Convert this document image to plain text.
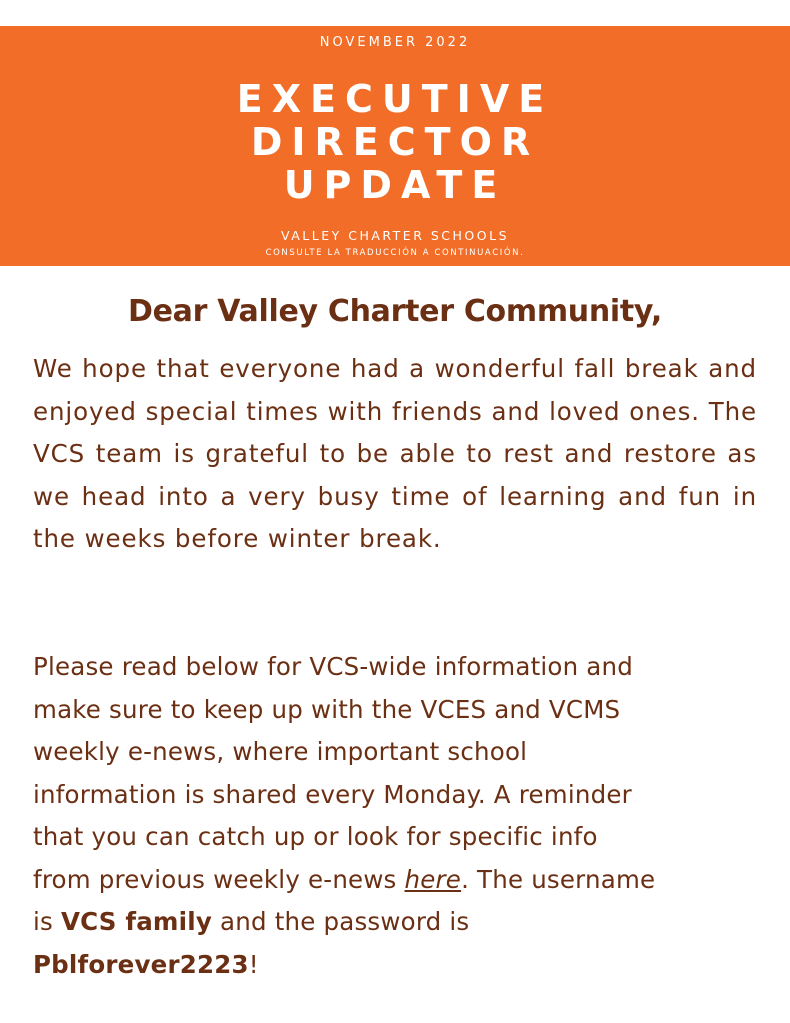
NOVEMBER 2022
EXECUTIVE
DIRECTOR
UPDATE
VALLEY CHARTER SCHOOLS
CONSULTE LA TRADUCCIÓN A CONTINUACIÓN.
Dear Valley Charter Community,
We hope that everyone had a wonderful fall break and enjoyed special times with friends and loved ones. The VCS team is grateful to be able to rest and restore as we head into a very busy time of learning and fun in the weeks before winter break.
Please read below for VCS-wide information and
make sure to keep up with the VCES and VCMS
weekly e-news, where important school
information is shared every Monday. A reminder
that you can catch up or look for specific info
from previous weekly e-news here. The username
is VCS family and the password is
Pblforever2223!
